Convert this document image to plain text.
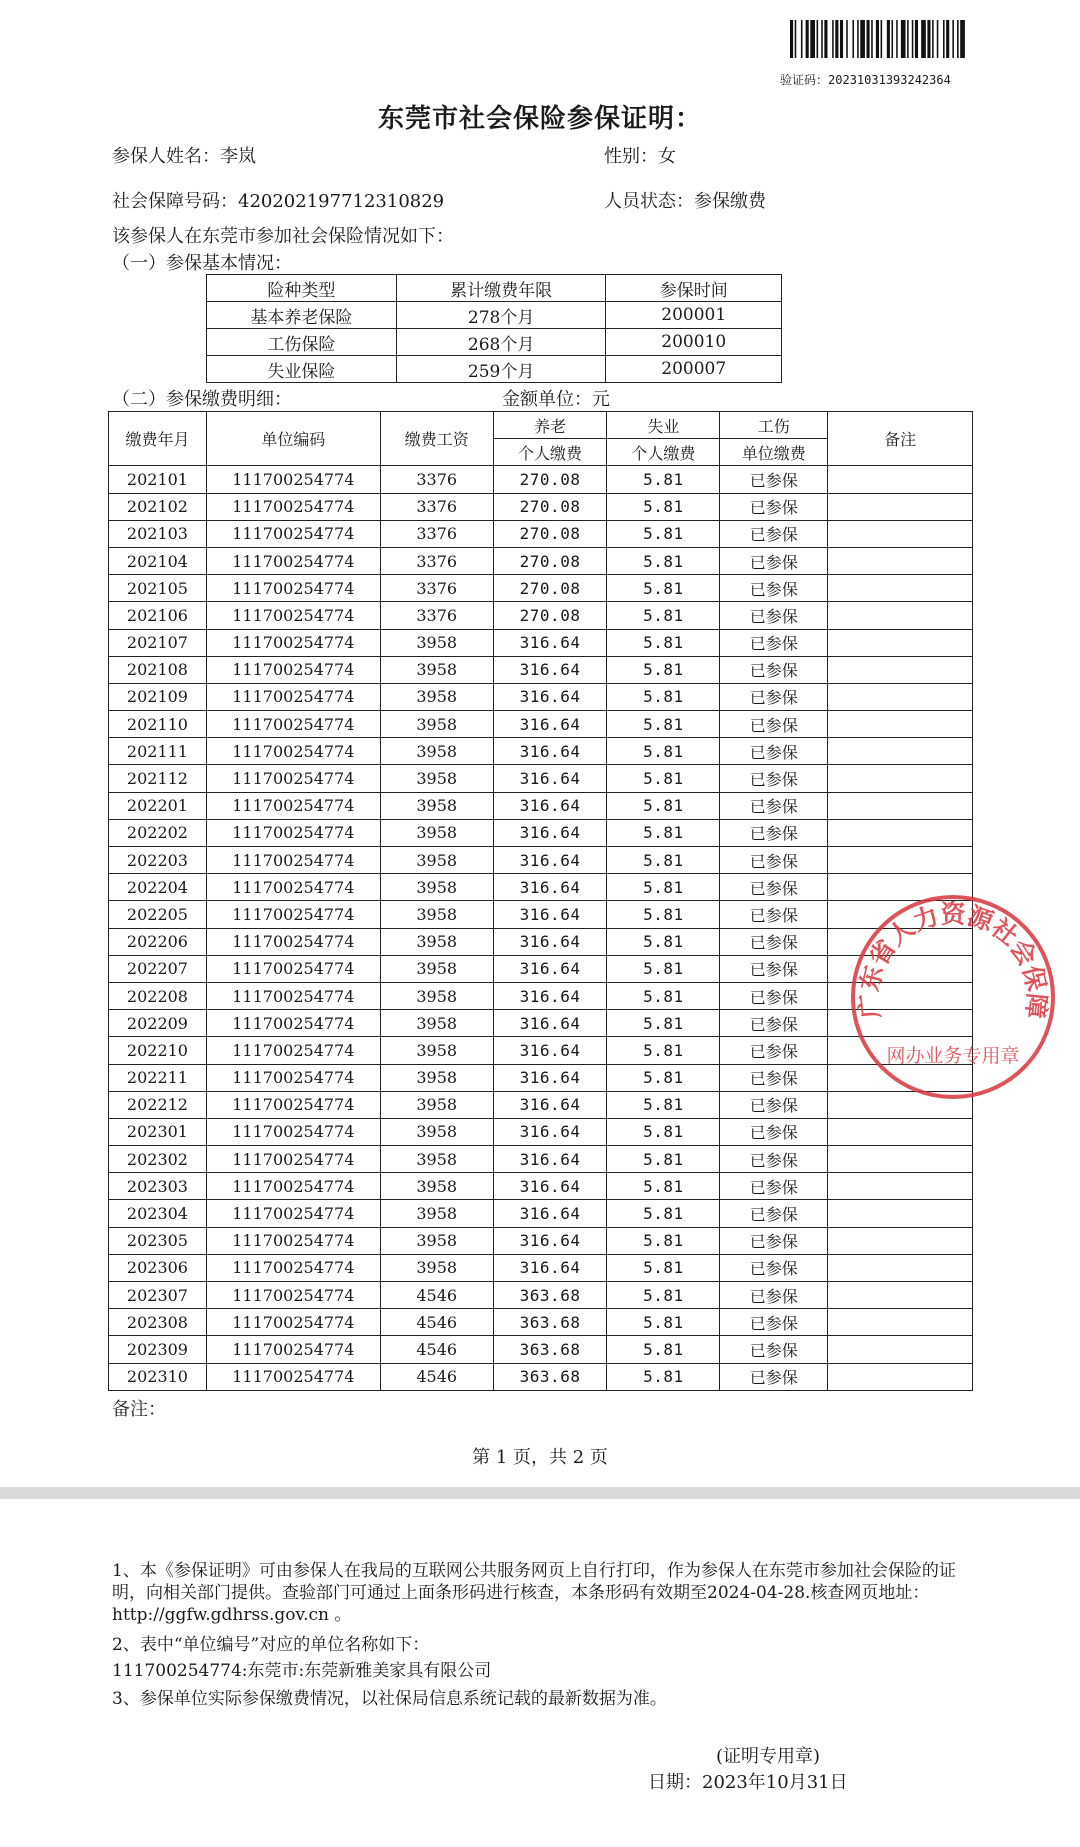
验证码：20231031393242364
东莞市社会保险参保证明：
参保人姓名：李岚	性别：女
社会保障号码：420202197712310829	人员状态：参保缴费
该参保人在东莞市参加社会保险情况如下：
（一）参保基本情况：
险种类型	累计缴费年限	参保时间
基本养老保险	278个月	200001
工伤保险	268个月	200010
失业保险	259个月	200007
（二）参保缴费明细：	金额单位：元
缴费年月	单位编码	缴费工资	养老	失业	工伤	备注
			个人缴费	个人缴费	单位缴费	
202101	111700254774	3376	270.08	5.81	已参保	
202102	111700254774	3376	270.08	5.81	已参保	
202103	111700254774	3376	270.08	5.81	已参保	
202104	111700254774	3376	270.08	5.81	已参保	
202105	111700254774	3376	270.08	5.81	已参保	
202106	111700254774	3376	270.08	5.81	已参保	
202107	111700254774	3958	316.64	5.81	已参保	
202108	111700254774	3958	316.64	5.81	已参保	
202109	111700254774	3958	316.64	5.81	已参保	
202110	111700254774	3958	316.64	5.81	已参保	
202111	111700254774	3958	316.64	5.81	已参保	
202112	111700254774	3958	316.64	5.81	已参保	
202201	111700254774	3958	316.64	5.81	已参保	
202202	111700254774	3958	316.64	5.81	已参保	
202203	111700254774	3958	316.64	5.81	已参保	
202204	111700254774	3958	316.64	5.81	已参保	
202205	111700254774	3958	316.64	5.81	已参保	
202206	111700254774	3958	316.64	5.81	已参保	
202207	111700254774	3958	316.64	5.81	已参保	
202208	111700254774	3958	316.64	5.81	已参保	
202209	111700254774	3958	316.64	5.81	已参保	
202210	111700254774	3958	316.64	5.81	已参保	
202211	111700254774	3958	316.64	5.81	已参保	
202212	111700254774	3958	316.64	5.81	已参保	
202301	111700254774	3958	316.64	5.81	已参保	
202302	111700254774	3958	316.64	5.81	已参保	
202303	111700254774	3958	316.64	5.81	已参保	
202304	111700254774	3958	316.64	5.81	已参保	
202305	111700254774	3958	316.64	5.81	已参保	
202306	111700254774	3958	316.64	5.81	已参保	
202307	111700254774	4546	363.68	5.81	已参保	
202308	111700254774	4546	363.68	5.81	已参保	
202309	111700254774	4546	363.68	5.81	已参保	
202310	111700254774	4546	363.68	5.81	已参保	
备注：
广东省人力资源社会保障
网办业务专用章
第 1 页，共 2 页
1、本《参保证明》可由参保人在我局的互联网公共服务网页上自行打印，作为参保人在东莞市参加社会保险的证明，向相关部门提供。查验部门可通过上面条形码进行核查，本条形码有效期至2024-04-28.核查网页地址：http://ggfw.gdhrss.gov.cn 。
2、表中“单位编号”对应的单位名称如下：
111700254774:东莞市:东莞新雅美家具有限公司
3、参保单位实际参保缴费情况，以社保局信息系统记载的最新数据为准。
(证明专用章)
日期：2023年10月31日
